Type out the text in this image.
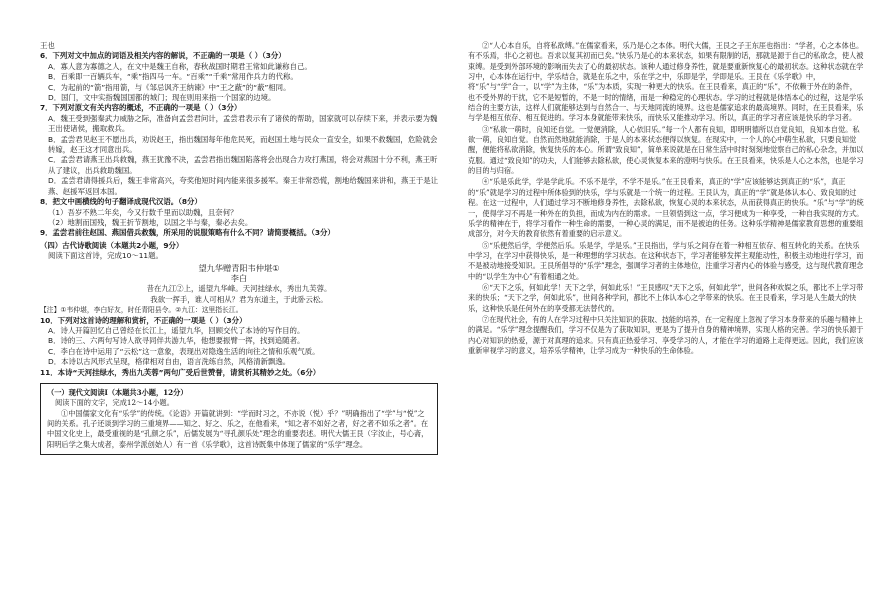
王也

6．下列对文中加点的词语及相关内容的解说，不正确的一项是（ ）（3分）

A．寡人意为寡德之人，在文中是魏王自称，春秋战国时期君王常如此谦称自己。

B．百乘即一百辆兵车，“乘”指四马一车。“百乘”“千乘”常用作兵力的代称。

C．为起前的“箭”指用箭，与《邹忌讽齐王纳谏》中“王之蔽”的“蔽”相同。

D．国门，文中实指魏国国都的城门；现在则用来指一个国家的边境。

7．下列对原文有关内容的概述，不正确的一项是（ ）（3分）

A．魏王受到强秦武力威胁之际，准备向孟尝君问计，孟尝君表示有了诸侯的帮助，国家就可以存续下来，并表示要为魏王出使诸侯，搬取救兵。

B．孟尝君见赵王不愿出兵，劝说赵王，指出魏国每年他危民死，而赵国土地与民众一直安全，如果不救魏国，危险就会转嫁，赵王这才同意出兵。

C．孟尝君请燕王出兵救魏，燕王犹豫不决，孟尝君指出魏国陷落将会出现合力攻打燕国，将会对燕国十分不利，燕王听从了建议，出兵救助魏国。

D．孟尝君请得援兵后，魏王非常高兴，夸奖他短时间内能来很多援军。秦王非常恐慌，割地给魏国来讲和，燕王于是让燕、赵援军返回本国。

8．把文中画横线的句子翻译成现代汉语。（8分）

（1）吾岁不熟二年矣，今又行数千里而以助魏，且奈何？

（2）地割而国残，魏王折节割地，以国之半与秦，秦必去矣。

9．孟尝君前往赵国、燕国借兵救魏，所采用的说服策略有什么不同？请简要概括。（3分）

（四）古代诗歌阅读（本题共2小题，9分）

阅读下面这首诗，完成10～11题。

望九华赠青阳韦仲堪①

李白

昔在九江②上，遥望九华峰。天河挂绿水，秀出九芙蓉。

我欲一挥手，谁人可相从？君为东道主，于此卧云松。

【注】①韦仲堪，李白好友，时任青阳县令。②九江：这里指长江。

10．下列对这首诗的理解和赏析，不正确的一项是（ ）（3分）

A．诗人开篇回忆自己曾经在长江上，遥望九华，回顾交代了本诗的写作目的。

B．诗的三、六两句写诗人欲寻同伴共游九华，他想要振臂一挥，找到追随者。

C．李白在诗中运用了“云松”这一意象，表现出对隐逸生活的向往之情和乐观气质。

D．本诗以古风形式呈现，格律相对自由，语言洗练自然，风格清新飘逸。

11．本诗“天河挂绿水，秀出九芙蓉”两句广受后世赞誉，请赏析其精妙之处。（6分）

（一）现代文阅读Ⅰ（本题共3小题，12分）

阅读下面的文字，完成12～14小题。

①中国儒家文化有“乐学”的传统。《论语》开篇就讲到：“学而时习之，不亦说（悦）乎？”明确指出了“学”与“悦”之间的关系。孔子还谈到学习的三重境界——知之、好之、乐之，在他看来，“知之者不如好之者，好之者不如乐之者”。在中国文化史上，最受重视的是“孔颜之乐”，后儒发展为“寻孔颜乐处”理念的重要表述。明代大儒王艮（字汝止，号心斋，阳明后学之集大成者，泰州学派创始人）有一首《乐学歌》，这首诗既集中体现了儒家的“乐学”理念。

②“人心本自乐，自将私欲缚。”在儒家看来，乐乃是心之本体。明代大儒，王艮之子王东厓也指出：“学者，心之本体也。有不乐焉，非心之初也。吾求以复其初而已矣。”快乐乃是心的本来状态，如果有限制的话，那就是源于自己的私欲念，使人被束缚。是受到外部环境的影响而失去了心的最初状态。该种人通过修身养性，就是要重新恢复心的最初状态。这种状态就在学习中，心本体在运行中，学乐结合，就是在乐之中，乐在学之中，乐即是学，学即是乐。王艮在《乐学歌》中，将“乐”与“学”合一，以“学”为主体，“乐”为本质，实现一种更大的快乐。在王艮看来，真正的“乐”，不依赖于外在的条件，也不受外界的干扰，它不是短暂的，不是一时的情绪，而是一种稳定的心理状态。学习的过程就是体悟本心的过程，这是学乐结合的主要方法，这样人们就能够达到与自然合一、与天地同流的境界。这也是儒家追求的最高境界。同时，在王艮看来，乐与学是相互依存、相互促进的。学习本身就能带来快乐，而快乐又能推动学习。所以，真正的学习者应该是快乐的学习者。

③“私欲一萌时，良知还自觉。一觉便消除，人心依旧乐。”每一个人都有良知，即明明德所以自觉良知，良知本自觉。私欲一萌，良知自觉。自然而然地就能消除，于是人的本来状态便得以恢复。在现实中，一个人的心中萌生私欲，只要良知觉醒，便能将私欲消除，恢复快乐的本心。所谓“致良知”，简单来说就是在日常生活中时时刻刻地觉察自己的私心杂念，并加以克服。通过“致良知”的功夫，人们能够去除私欲，使心灵恢复本来的澄明与快乐。在王艮看来，快乐是人心之本然，也是学习的目的与归宿。

④“乐是乐此学，学是学此乐。不乐不是学，不学不是乐。”在王艮看来，真正的“学”应该能够达到真正的“乐”，真正的“乐”就是学习的过程中所体验到的快乐，学与乐就是一个统一的过程。王艮认为，真正的“学”就是体认本心、致良知的过程。在这一过程中，人们通过学习不断地修身养性，去除私欲，恢复心灵的本来状态，从而获得真正的快乐。“乐”与“学”的统一，使得学习不再是一种外在的负担，而成为内在的需求。一旦领悟到这一点，学习便成为一种享受，一种自我实现的方式。乐学的精神在于，将学习看作一种生命的需要，一种心灵的满足，而不是被迫的任务。这种乐学精神是儒家教育思想的重要组成部分，对今天的教育依然有着重要的启示意义。

⑤“乐便然后学，学便然后乐。乐是学，学是乐。”王艮指出，学与乐之间存在着一种相互依存、相互转化的关系。在快乐中学习，在学习中获得快乐，是一种理想的学习状态。在这种状态下，学习者能够发挥主观能动性，积极主动地进行学习，而不是被动地接受知识。王艮所倡导的“乐学”理念，强调学习者的主体地位，注重学习者内心的体验与感受，这与现代教育理念中的“以学生为中心”有着相通之处。

⑥“天下之乐，何如此学！天下之学，何如此乐！”王艮感叹“天下之乐，何如此学”，世间各种欢娱之乐，都比不上学习带来的快乐；“天下之学，何如此乐”，世间各种学问，都比不上体认本心之学带来的快乐。在王艮看来，学习是人生最大的快乐，这种快乐是任何外在的享受都无法替代的。

⑦在现代社会，有的人在学习过程中只关注知识的获取、技能的培养，在一定程度上忽视了学习本身带来的乐趣与精神上的满足。“乐学”理念提醒我们，学习不仅是为了获取知识，更是为了提升自身的精神境界，实现人格的完善。学习的快乐源于内心对知识的热爱，源于对真理的追求。只有真正热爱学习、享受学习的人，才能在学习的道路上走得更远。因此，我们应该重新审视学习的意义，培养乐学精神，让学习成为一种快乐的生命体验。
